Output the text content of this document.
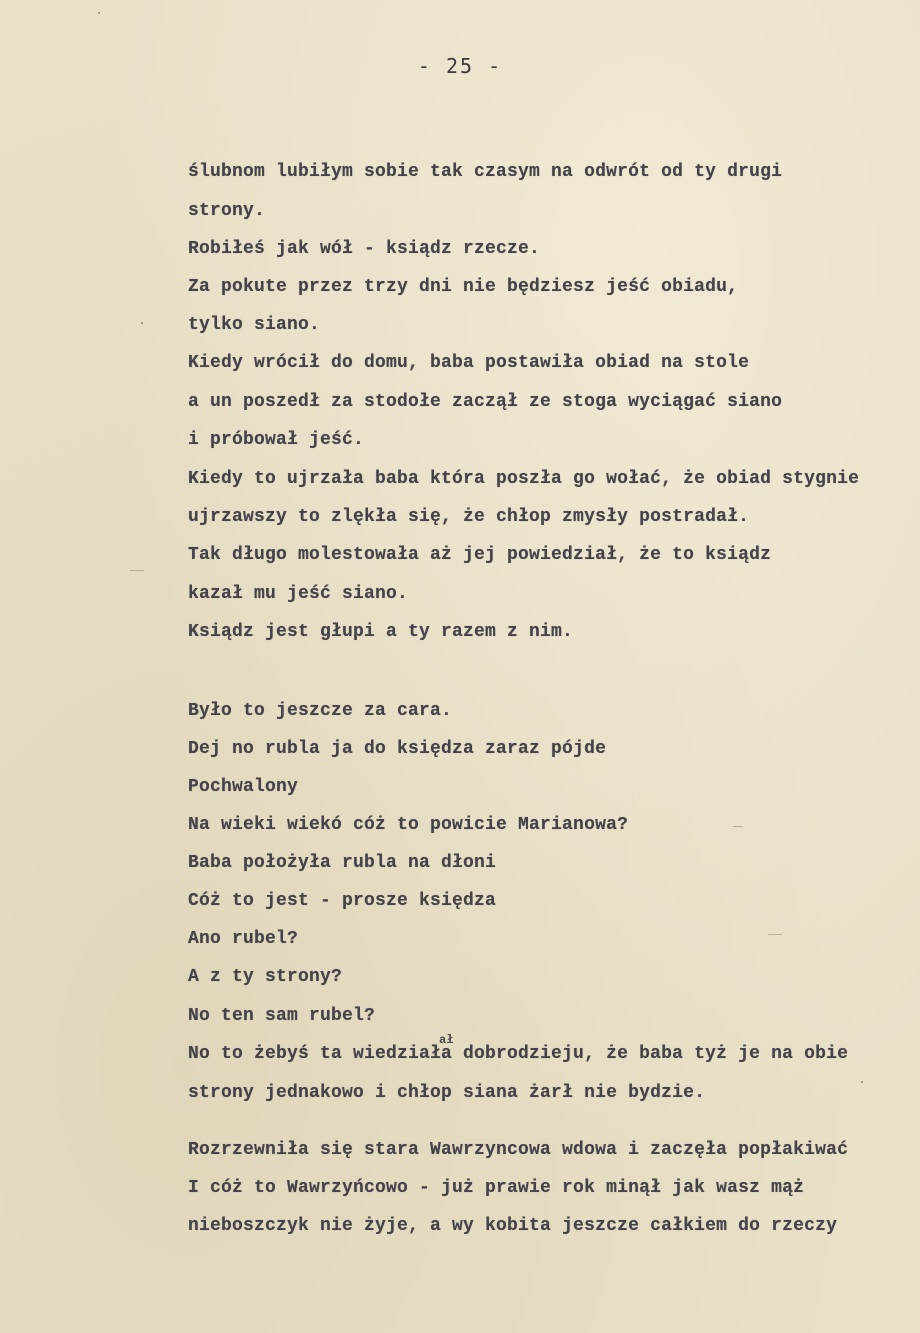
- 25 -
ślubnom lubiłym sobie tak czasym na odwrót od ty drugi
strony.
Robiłeś jak wół - ksiądz rzecze.
Za pokute przez trzy dni nie będziesz jeść obiadu,
tylko siano.
Kiedy wrócił do domu, baba postawiła obiad na stole
a un poszedł za stodołe zaczął ze stoga wyciągać siano
i próbował jeść.
Kiedy to ujrzała baba która poszła go wołać, że obiad stygnie
ujrzawszy to zlękła się, że chłop zmysły postradał.
Tak długo molestowała aż jej powiedział, że to ksiądz
kazał mu jeść siano.
Ksiądz jest głupi a ty razem z nim.
Było to jeszcze za cara.
Dej no rubla ja do księdza zaraz pójde
Pochwalony
Na wieki wiekó cóż to powicie Marianowa?
Baba położyła rubla na dłoni
Cóż to jest - prosze księdza
Ano rubel?
A z ty strony?
No ten sam rubel?
ał
No to żebyś ta wiedziała dobrodzieju, że baba tyż je na obie
strony jednakowo i chłop siana żarł nie bydzie.
Rozrzewniła się stara Wawrzyncowa wdowa i zaczęła popłakiwać
I cóż to Wawrzyńcowo - już prawie rok minął jak wasz mąż
nieboszczyk nie żyje, a wy kobita jeszcze całkiem do rzeczy
